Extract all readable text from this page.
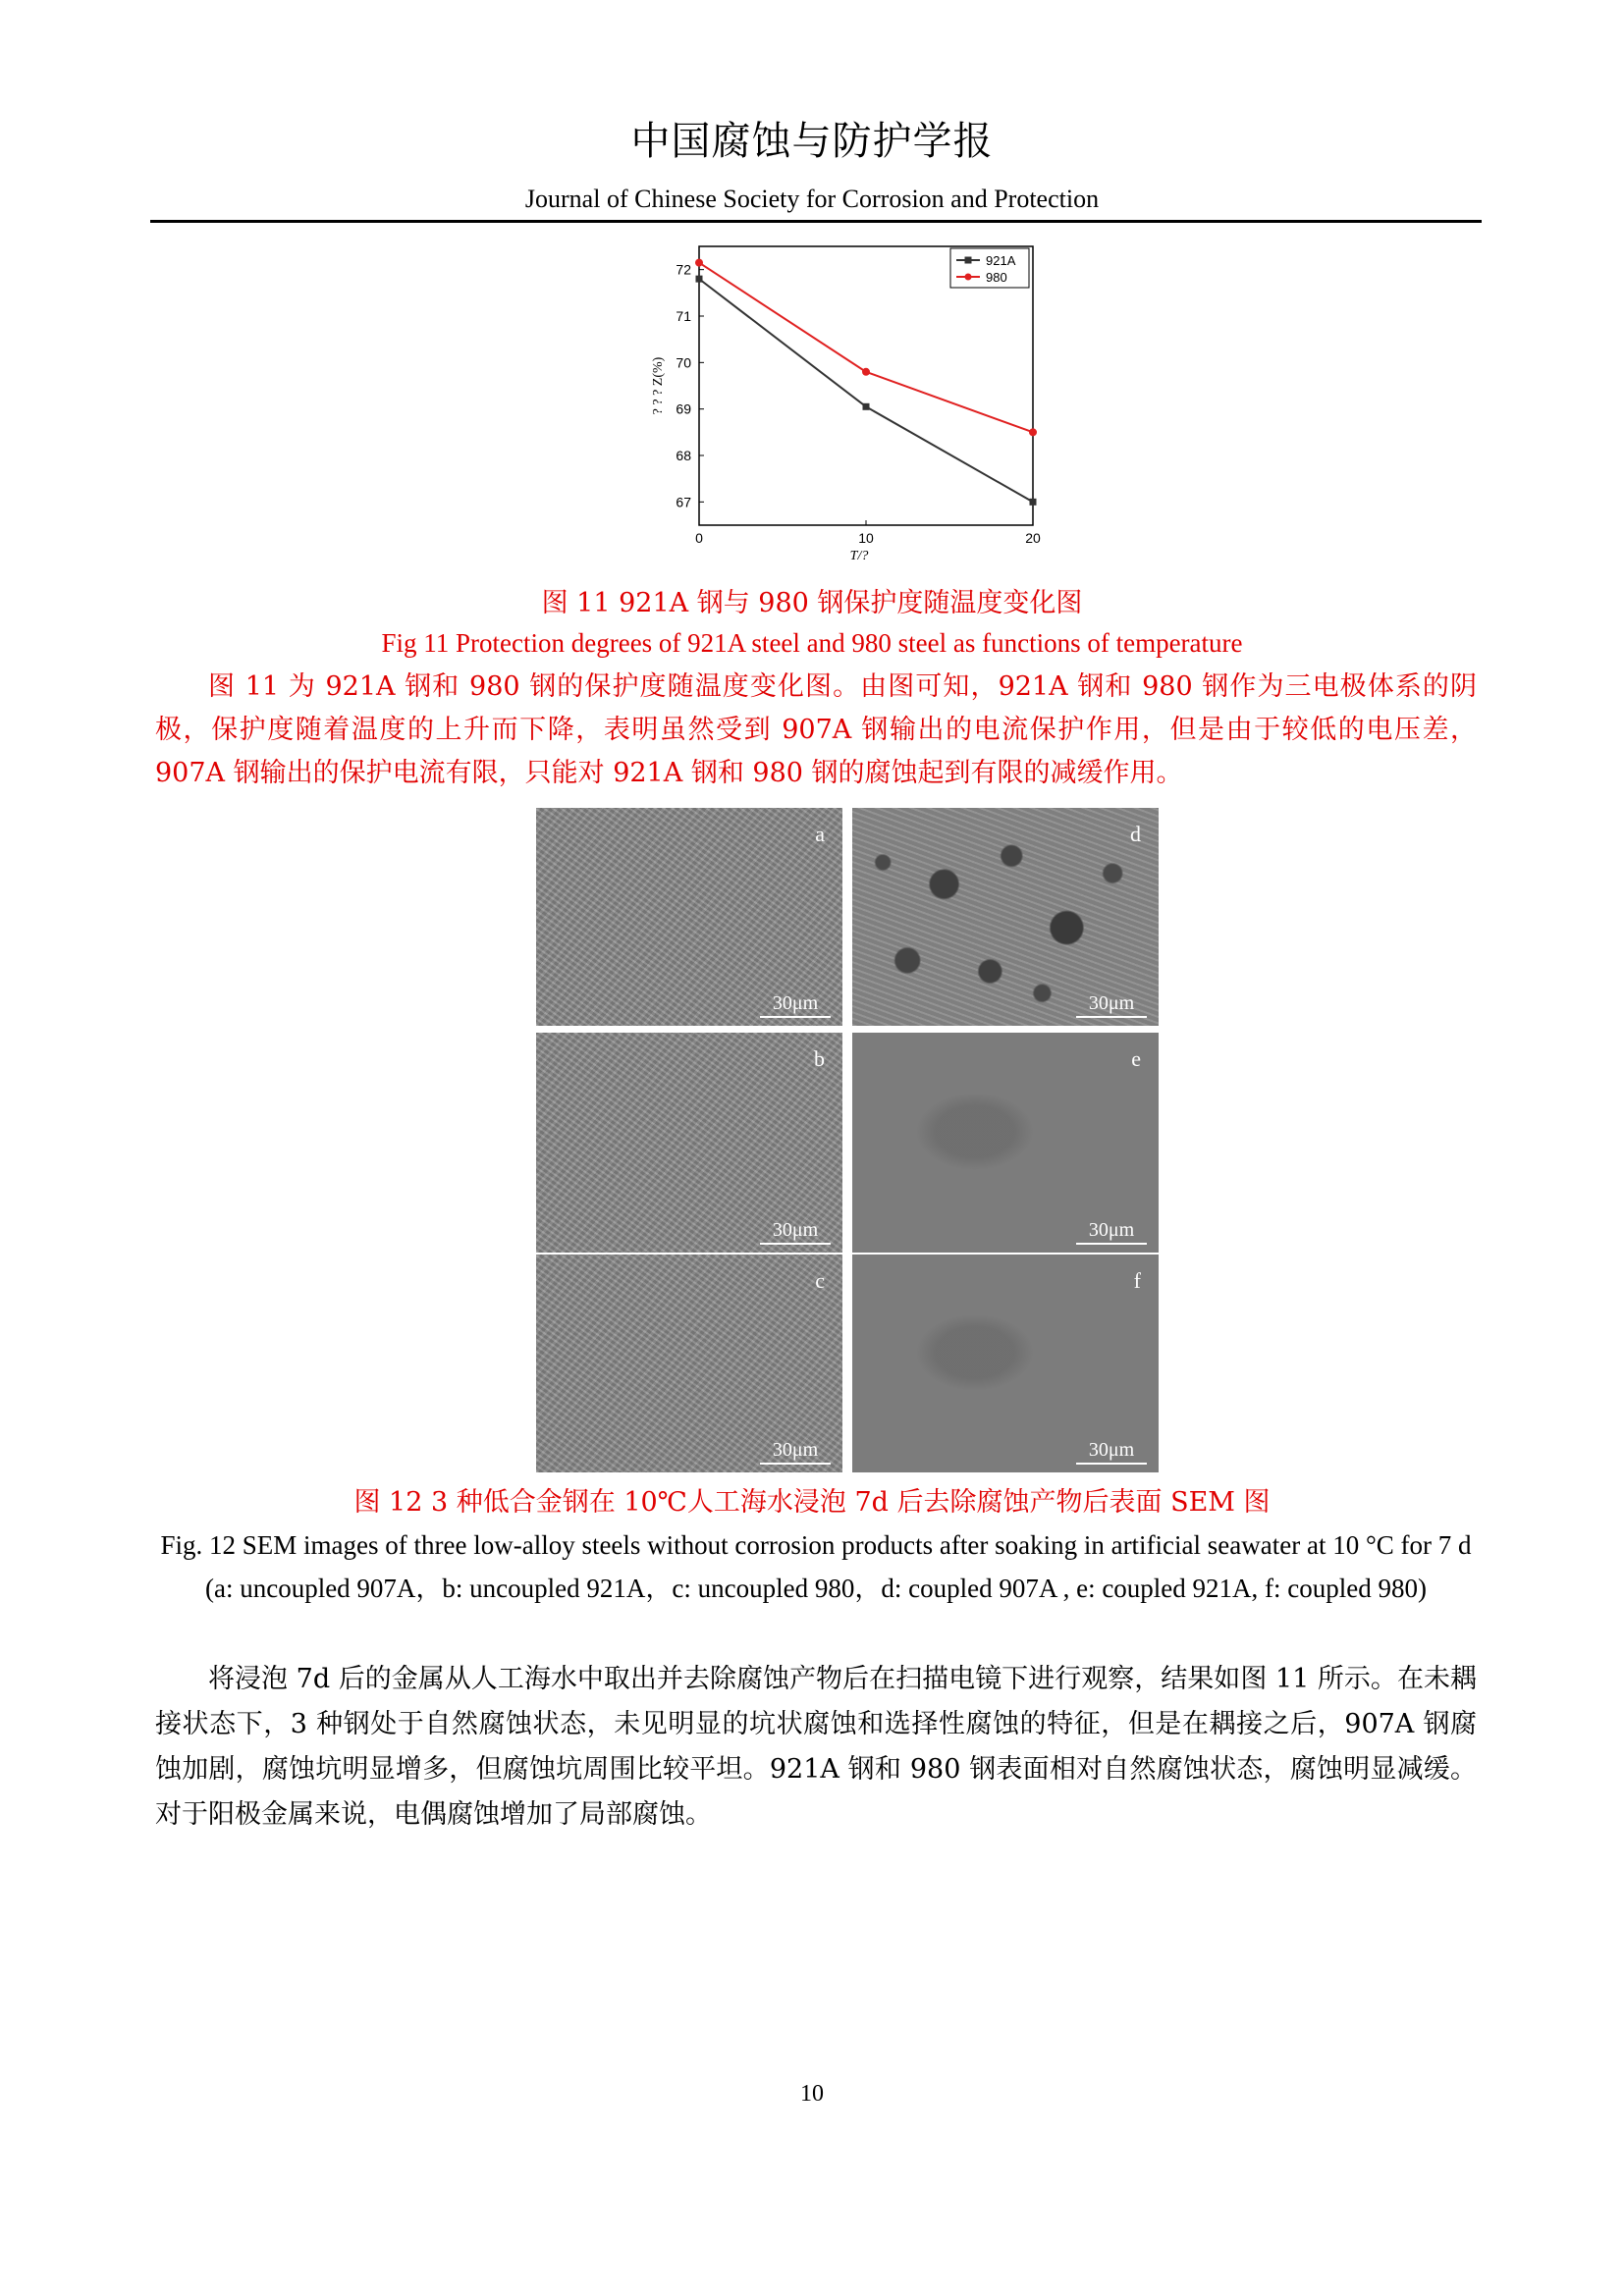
中国腐蚀与防护学报
Journal of Chinese Society for Corrosion and Protection
67
68
69
70
71
72
0	10	20
921A
980
T/?
? ? ? Z(%)
图 11 921A 钢与 980 钢保护度随温度变化图
Fig 11 Protection degrees of 921A steel and 980 steel as functions of temperature
图 11 为 921A 钢和 980 钢的保护度随温度变化图。由图可知，921A 钢和 980 钢作为三电极体系的阴极，保护度随着温度的上升而下降，表明虽然受到 907A 钢输出的电流保护作用，但是由于较低的电压差，907A 钢输出的保护电流有限，只能对 921A 钢和 980 钢的腐蚀起到有限的减缓作用。
a
30μm
d
30μm
b
30μm
e
30μm
c
30μm
f
30μm
图 12 3 种低合金钢在 10℃人工海水浸泡 7d 后去除腐蚀产物后表面 SEM 图
Fig. 12 SEM images of three low-alloy steels without corrosion products after soaking in artificial seawater at 10 °C for 7 d (a: uncoupled 907A，b: uncoupled 921A，c: uncoupled 980，d: coupled 907A , e: coupled 921A, f: coupled 980)
将浸泡 7d 后的金属从人工海水中取出并去除腐蚀产物后在扫描电镜下进行观察，结果如图 11 所示。在未耦接状态下，3 种钢处于自然腐蚀状态，未见明显的坑状腐蚀和选择性腐蚀的特征，但是在耦接之后，907A 钢腐蚀加剧，腐蚀坑明显增多，但腐蚀坑周围比较平坦。921A 钢和 980 钢表面相对自然腐蚀状态，腐蚀明显减缓。对于阳极金属来说，电偶腐蚀增加了局部腐蚀。
10
